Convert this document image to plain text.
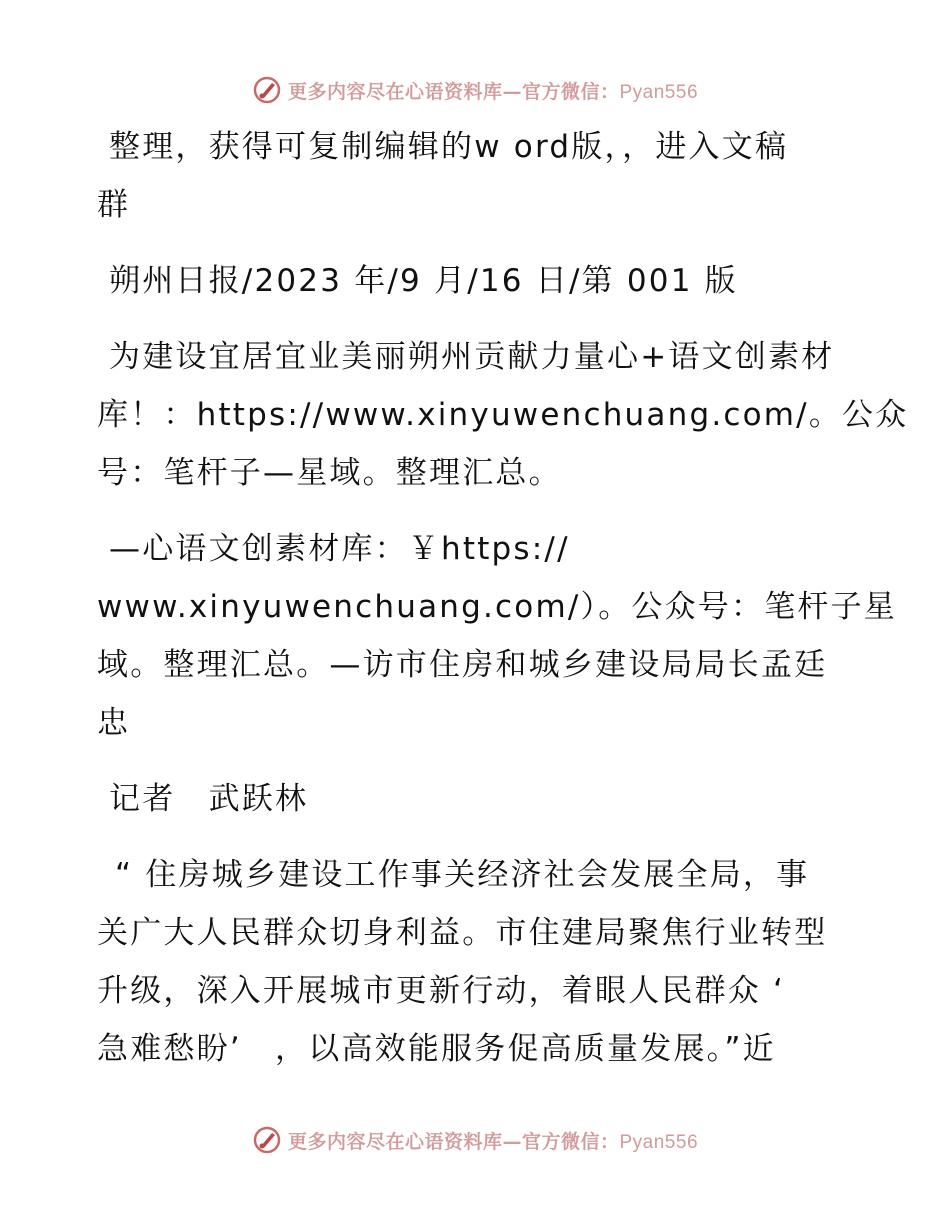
更多内容尽在心语资料库—官方微信：Pyan556
整理，获得可复制编辑的w ord版，，进入文稿
群
朔州日报/2023 年/9 月/16 日/第 001 版
为建设宜居宜业美丽朔州贡献力量心+语文创素材
库！：https://www.xinyuwenchuang.com/。公众
号：笔杆子—星域。整理汇总。
—心语文创素材库：￥https://
www.xinyuwenchuang.com/）。公众号：笔杆子星
域。整理汇总。—访市住房和城乡建设局局长孟廷
忠
记者　武跃林
“ 住房城乡建设工作事关经济社会发展全局，事
关广大人民群众切身利益。市住建局聚焦行业转型
升级，深入开展城市更新行动，着眼人民群众 ‘
急难愁盼’　，以高效能服务促高质量发展。”近
更多内容尽在心语资料库—官方微信：Pyan556
